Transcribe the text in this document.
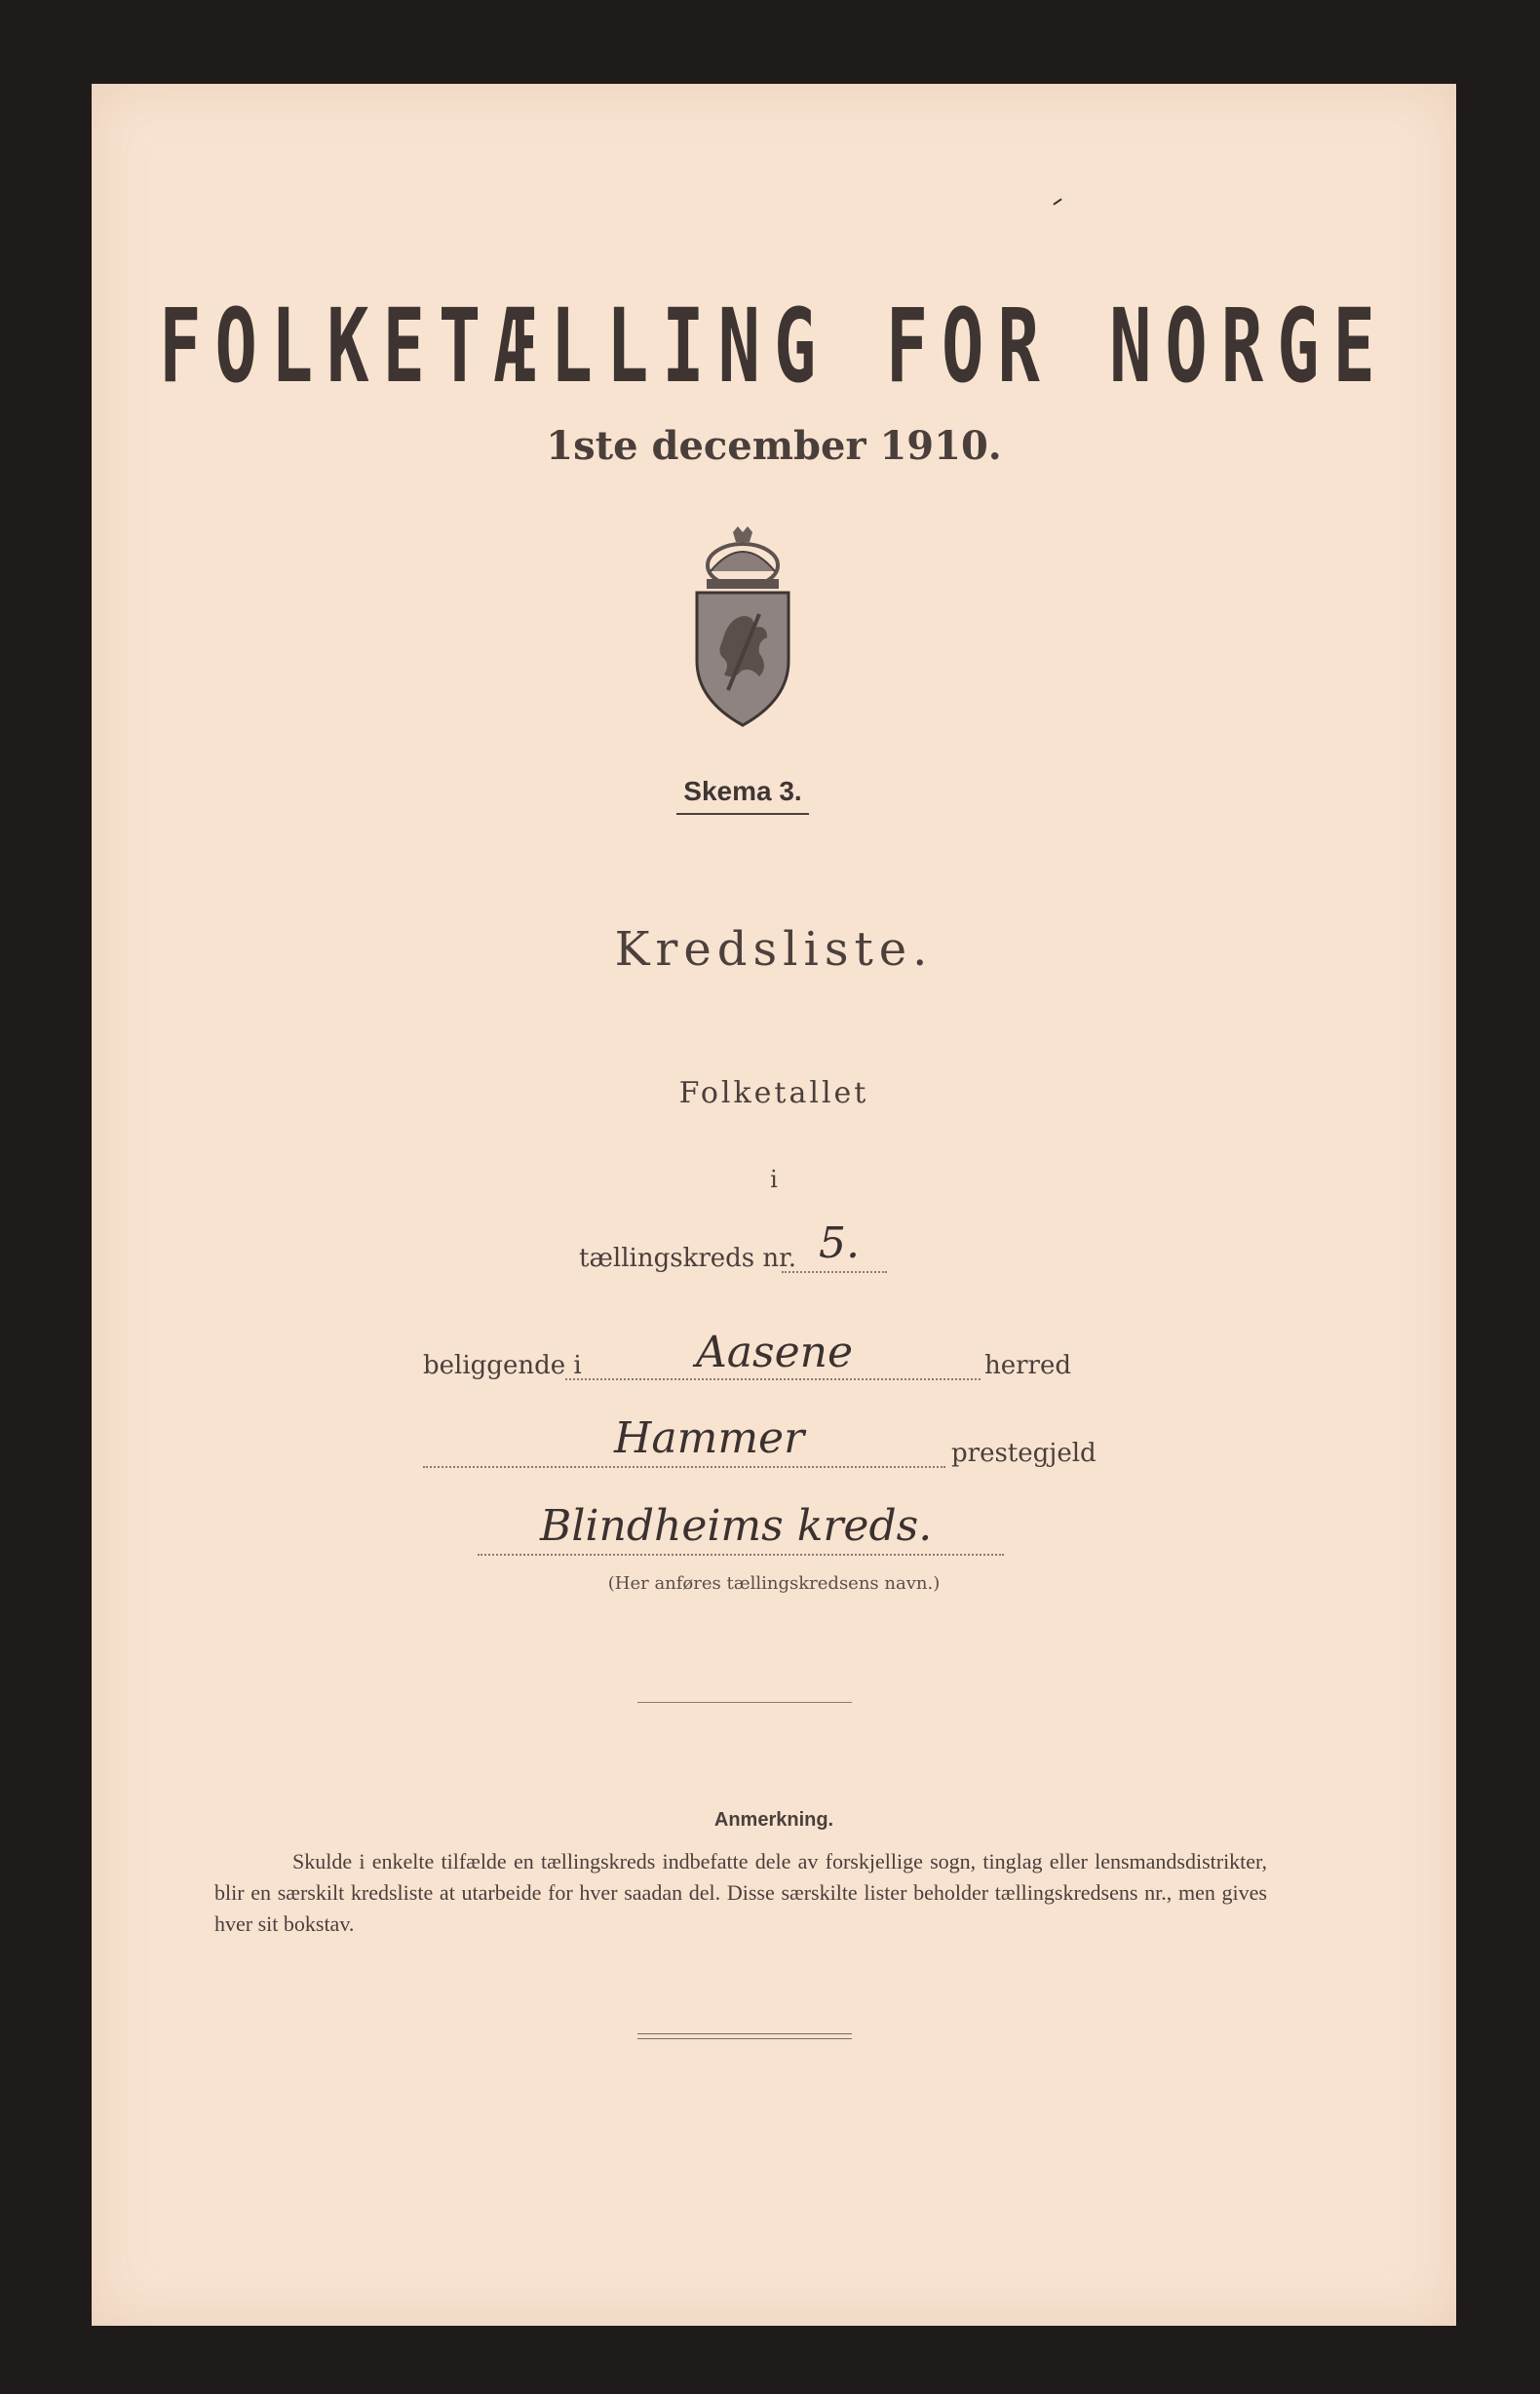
FOLKETÆLLING FOR NORGE
1ste december 1910.
Skema 3.
Kredsliste.
Folketallet
i
tællingskreds nr. 5.
beliggende i	Aasene	herred
Hammer	prestegjeld
Blindheims kreds.
(Her anføres tællingskredsens navn.)
Anmerkning.
Skulde i enkelte tilfælde en tællingskreds indbefatte dele av forskjellige sogn, tinglag eller lensmandsdistrikter, blir en særskilt kredsliste at utarbeide for hver saadan del. Disse særskilte lister beholder tællingskredsens nr., men gives hver sit bokstav.
